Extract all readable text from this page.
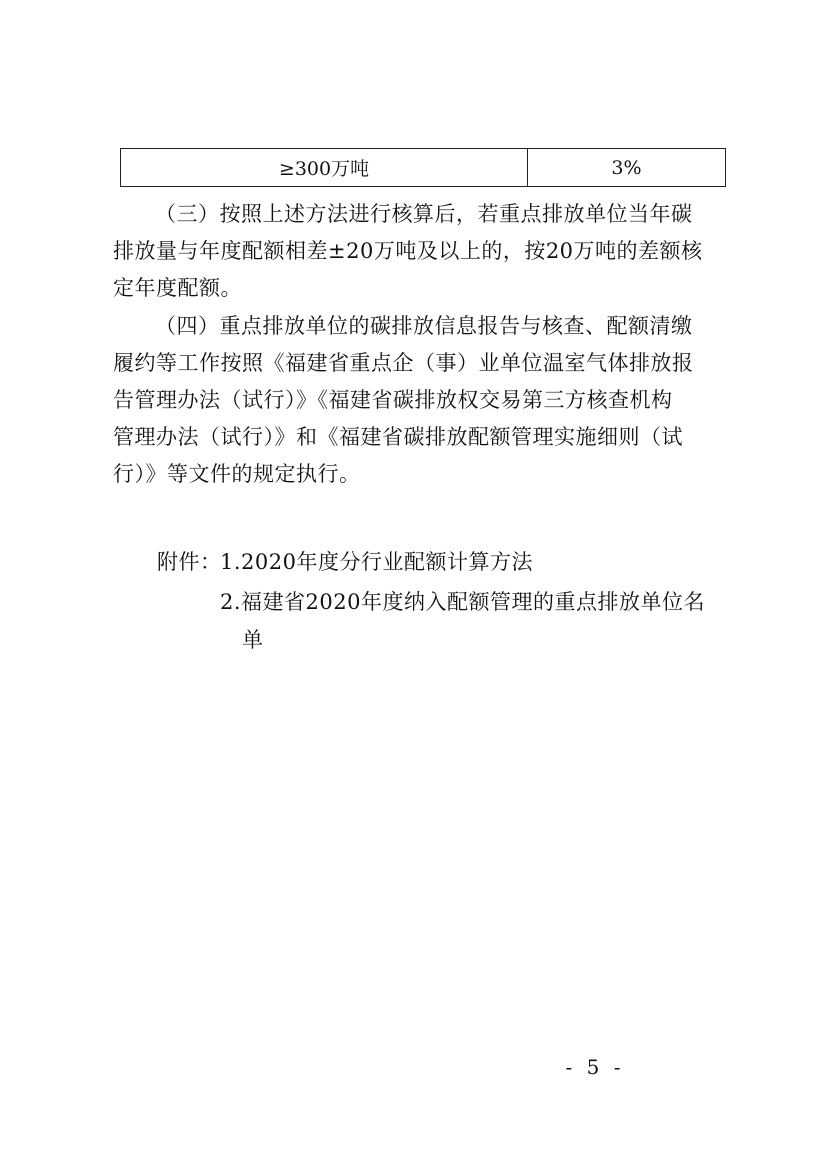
≥300万吨	3%
（三）按照上述方法进行核算后，若重点排放单位当年碳
排放量与年度配额相差±20万吨及以上的，按20万吨的差额核
定年度配额。
（四）重点排放单位的碳排放信息报告与核查、配额清缴
履约等工作按照《福建省重点企（事）业单位温室气体排放报
告管理办法（试行）》《福建省碳排放权交易第三方核查机构
管理办法（试行）》和《福建省碳排放配额管理实施细则（试
行）》等文件的规定执行。
附件：
1.2020年度分行业配额计算方法
2.福建省2020年度纳入配额管理的重点排放单位名
单
- 5 -
